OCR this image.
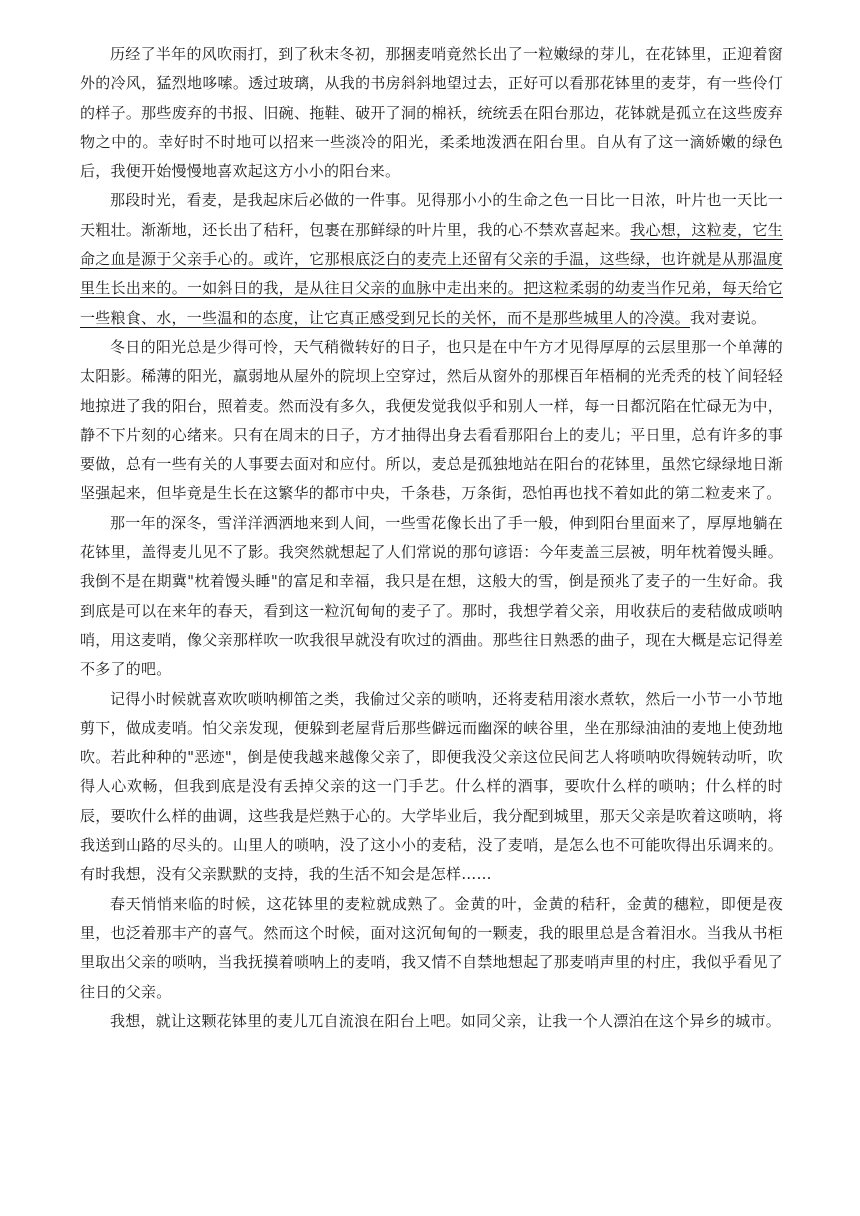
历经了半年的风吹雨打，到了秋末冬初，那捆麦哨竟然长出了一粒嫩绿的芽儿，在花钵里，正迎着窗外的冷风，猛烈地哆嗦。透过玻璃，从我的书房斜斜地望过去，正好可以看那花钵里的麦芽，有一些伶仃的样子。那些废弃的书报、旧碗、拖鞋、破开了洞的棉袄，统统丢在阳台那边，花钵就是孤立在这些废弃物之中的。幸好时不时地可以招来一些淡冷的阳光，柔柔地泼洒在阳台里。自从有了这一滴娇嫩的绿色后，我便开始慢慢地喜欢起这方小小的阳台来。

那段时光，看麦，是我起床后必做的一件事。见得那小小的生命之色一日比一日浓，叶片也一天比一天粗壮。渐渐地，还长出了秸秆，包裹在那鲜绿的叶片里，我的心不禁欢喜起来。我心想，这粒麦，它生命之血是源于父亲手心的。或许，它那根底泛白的麦壳上还留有父亲的手温，这些绿，也许就是从那温度里生长出来的。一如斜日的我，是从往日父亲的血脉中走出来的。把这粒柔弱的幼麦当作兄弟，每天给它一些粮食、水，一些温和的态度，让它真正感受到兄长的关怀，而不是那些城里人的冷漠。我对妻说。

冬日的阳光总是少得可怜，天气稍微转好的日子，也只是在中午方才见得厚厚的云层里那一个单薄的太阳影。稀薄的阳光，羸弱地从屋外的院坝上空穿过，然后从窗外的那棵百年梧桐的光秃秃的枝丫间轻轻地掠进了我的阳台，照着麦。然而没有多久，我便发觉我似乎和别人一样，每一日都沉陷在忙碌无为中，静不下片刻的心绪来。只有在周末的日子，方才抽得出身去看看那阳台上的麦儿；平日里，总有许多的事要做，总有一些有关的人事要去面对和应付。所以，麦总是孤独地站在阳台的花钵里，虽然它绿绿地日渐坚强起来，但毕竟是生长在这繁华的都市中央，千条巷，万条街，恐怕再也找不着如此的第二粒麦来了。

那一年的深冬，雪洋洋洒洒地来到人间，一些雪花像长出了手一般，伸到阳台里面来了，厚厚地躺在花钵里，盖得麦儿见不了影。我突然就想起了人们常说的那句谚语：今年麦盖三层被，明年枕着馒头睡。我倒不是在期冀"枕着馒头睡"的富足和幸福，我只是在想，这般大的雪，倒是预兆了麦子的一生好命。我到底是可以在来年的春天，看到这一粒沉甸甸的麦子了。那时，我想学着父亲，用收获后的麦秸做成唢呐哨，用这麦哨，像父亲那样吹一吹我很早就没有吹过的酒曲。那些往日熟悉的曲子，现在大概是忘记得差不多了的吧。

记得小时候就喜欢吹唢呐柳笛之类，我偷过父亲的唢呐，还将麦秸用滚水煮软，然后一小节一小节地剪下，做成麦哨。怕父亲发现，便躲到老屋背后那些僻远而幽深的峡谷里，坐在那绿油油的麦地上使劲地吹。若此种种的"恶迹"，倒是使我越来越像父亲了，即便我没父亲这位民间艺人将唢呐吹得婉转动听，吹得人心欢畅，但我到底是没有丢掉父亲的这一门手艺。什么样的酒事，要吹什么样的唢呐；什么样的时辰，要吹什么样的曲调，这些我是烂熟于心的。大学毕业后，我分配到城里，那天父亲是吹着这唢呐，将我送到山路的尽头的。山里人的唢呐，没了这小小的麦秸，没了麦哨，是怎么也不可能吹得出乐调来的。有时我想，没有父亲默默的支持，我的生活不知会是怎样……

春天悄悄来临的时候，这花钵里的麦粒就成熟了。金黄的叶，金黄的秸秆，金黄的穗粒，即便是夜里，也泛着那丰产的喜气。然而这个时候，面对这沉甸甸的一颗麦，我的眼里总是含着泪水。当我从书柜里取出父亲的唢呐，当我抚摸着唢呐上的麦哨，我又情不自禁地想起了那麦哨声里的村庄，我似乎看见了往日的父亲。

我想，就让这颗花钵里的麦儿兀自流浪在阳台上吧。如同父亲，让我一个人漂泊在这个异乡的城市。
